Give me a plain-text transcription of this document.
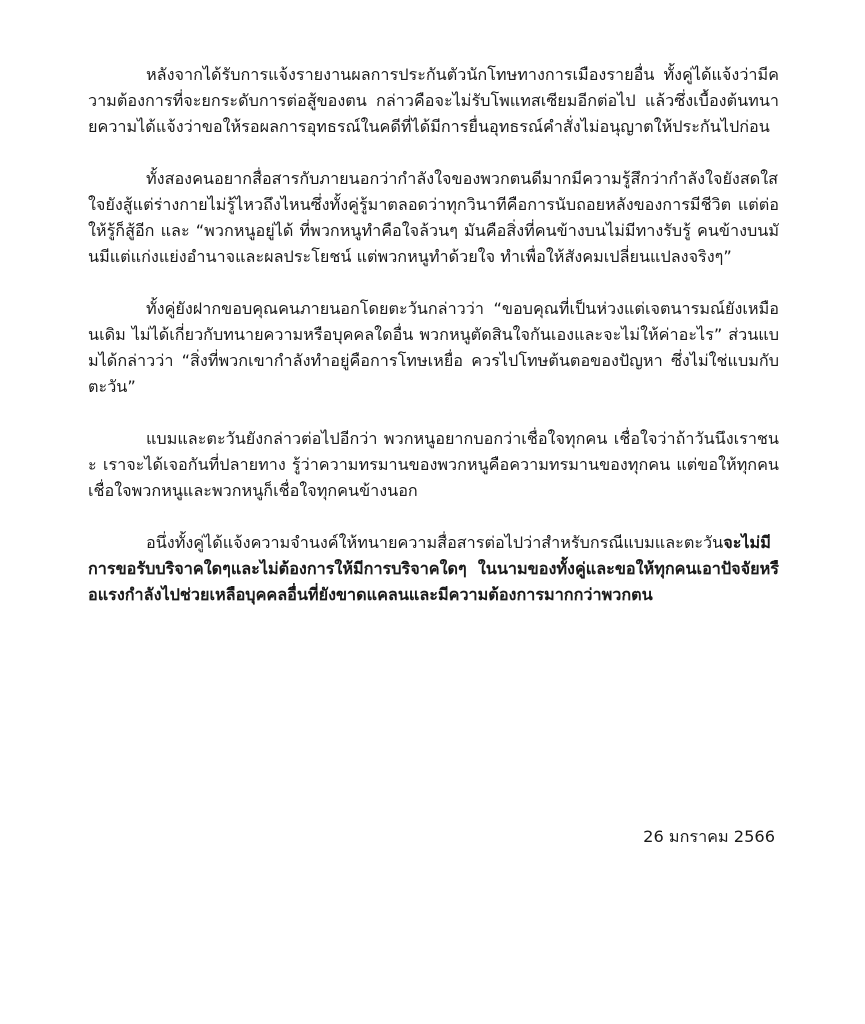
หลังจากได้รับการแจ้งรายงานผลการประกันตัวนักโทษทางการเมืองรายอื่น ทั้งคู่ได้แจ้งว่ามีความต้องการที่จะยกระดับการต่อสู้ของตน กล่าวคือจะไม่รับโพแทสเซียมอีกต่อไป แล้วซึ่งเบื้องต้นทนายความได้แจ้งว่าขอให้รอผลการอุทธรณ์ในคดีที่ได้มีการยื่นอุทธรณ์คำสั่งไม่อนุญาตให้ประกันไปก่อน

ทั้งสองคนอยากสื่อสารกับภายนอกว่ากำลังใจของพวกตนดีมากมีความรู้สึกว่ากำลังใจยังสดใสใจยังสู้แต่ร่างกายไม่รู้ไหวถึงไหนซึ่งทั้งคู่รู้มาตลอดว่าทุกวินาทีคือการนับถอยหลังของการมีชีวิต แต่ต่อให้รู้ก็สู้อีก และ “พวกหนูอยู่ได้ ที่พวกหนูทำคือใจล้วนๆ มันคือสิ่งที่คนข้างบนไม่มีทางรับรู้ คนข้างบนมันมีแต่แก่งแย่งอำนาจและผลประโยชน์ แต่พวกหนูทำด้วยใจ ทำเพื่อให้สังคมเปลี่ยนแปลงจริงๆ”

ทั้งคู่ยังฝากขอบคุณคนภายนอกโดยตะวันกล่าวว่า “ขอบคุณที่เป็นห่วงแต่เจตนารมณ์ยังเหมือนเดิม ไม่ได้เกี่ยวกับทนายความหรือบุคคลใดอื่น พวกหนูตัดสินใจกันเองและจะไม่ให้ค่าอะไร” ส่วนแบมได้กล่าวว่า “สิ่งที่พวกเขากำลังทำอยู่คือการโทษเหยื่อ ควรไปโทษต้นตอของปัญหา ซึ่งไม่ใช่แบมกับตะวัน”

แบมและตะวันยังกล่าวต่อไปอีกว่า พวกหนูอยากบอกว่าเชื่อใจทุกคน เชื่อใจว่าถ้าวันนึงเราชนะ เราจะได้เจอกันที่ปลายทาง รู้ว่าความทรมานของพวกหนูคือความทรมานของทุกคน แต่ขอให้ทุกคนเชื่อใจพวกหนูและพวกหนูก็เชื่อใจทุกคนข้างนอก

อนึ่งทั้งคู่ได้แจ้งความจำนงค์ให้ทนายความสื่อสารต่อไปว่าสำหรับกรณีแบมและตะวันจะไม่มีการขอรับบริจาคใดๆและไม่ต้องการให้มีการบริจาคใดๆ ในนามของทั้งคู่และขอให้ทุกคนเอาปัจจัยหรือแรงกำลังไปช่วยเหลือบุคคลอื่นที่ยังขาดแคลนและมีความต้องการมากกว่าพวกตน

26 มกราคม 2566
